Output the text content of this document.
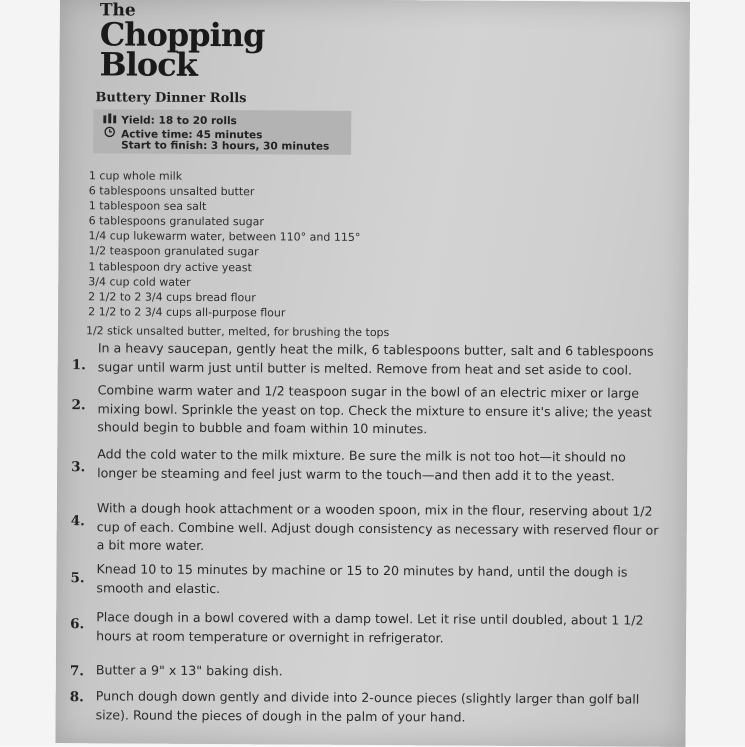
The
Chopping
Block
Buttery Dinner Rolls
Yield: 18 to 20 rolls
Active time: 45 minutes
Start to finish: 3 hours, 30 minutes
1 cup whole milk
6 tablespoons unsalted butter
1 tablespoon sea salt
6 tablespoons granulated sugar
1/4 cup lukewarm water, between 110° and 115°
1/2 teaspoon granulated sugar
1 tablespoon dry active yeast
3/4 cup cold water
2 1/2 to 2 3/4 cups bread flour
2 1/2 to 2 3/4 cups all-purpose flour
1/2 stick unsalted butter, melted, for brushing the tops
1.
In a heavy saucepan, gently heat the milk, 6 tablespoons butter, salt and 6 tablespoons sugar until warm just until butter is melted. Remove from heat and set aside to cool.
2.
Combine warm water and 1/2 teaspoon sugar in the bowl of an electric mixer or large mixing bowl. Sprinkle the yeast on top. Check the mixture to ensure it's alive; the yeast should begin to bubble and foam within 10 minutes.
3.
Add the cold water to the milk mixture. Be sure the milk is not too hot—it should no longer be steaming and feel just warm to the touch—and then add it to the yeast.
4.
With a dough hook attachment or a wooden spoon, mix in the flour, reserving about 1/2 cup of each. Combine well. Adjust dough consistency as necessary with reserved flour or a bit more water.
5. Knead 10 to 15 minutes by machine or 15 to 20 minutes by hand, until the dough is smooth and elastic.
6. Place dough in a bowl covered with a damp towel. Let it rise until doubled, about 1 1/2 hours at room temperature or overnight in refrigerator.
7. Butter a 9" x 13" baking dish.
8. Punch dough down gently and divide into 2-ounce pieces (slightly larger than golf ball size). Round the pieces of dough in the palm of your hand.
